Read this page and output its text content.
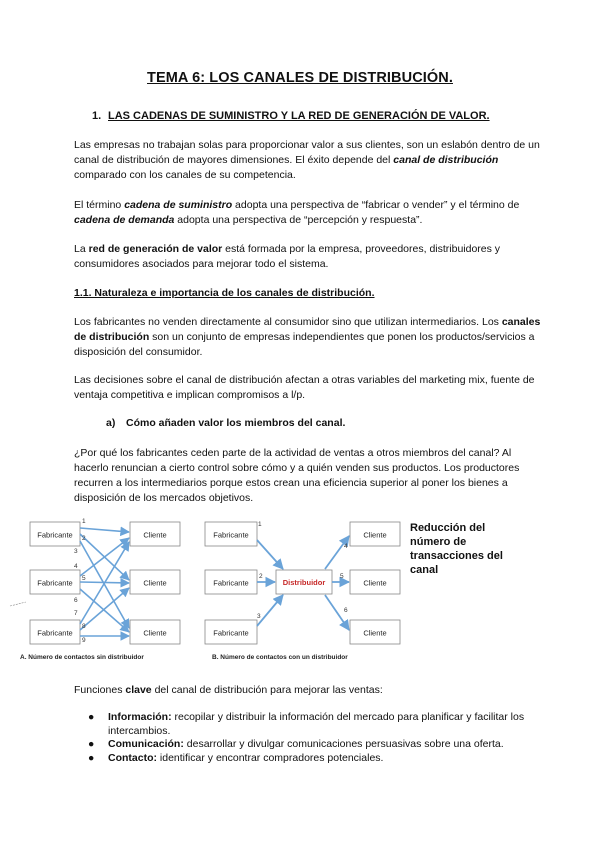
TEMA 6: LOS CANALES DE DISTRIBUCIÓN.
1. LAS CADENAS DE SUMINISTRO Y LA RED DE GENERACIÓN DE VALOR.
Las empresas no trabajan solas para proporcionar valor a sus clientes, son un eslabón dentro de un canal de distribución de mayores dimensiones. El éxito depende del canal de distribución comparado con los canales de su competencia.
El término cadena de suministro adopta una perspectiva de “fabricar o vender” y el término de cadena de demanda adopta una perspectiva de “percepción y respuesta”.
La red de generación de valor está formada por la empresa, proveedores, distribuidores y consumidores asociados para mejorar todo el sistema.
1.1. Naturaleza e importancia de los canales de distribución.
Los fabricantes no venden directamente al consumidor sino que utilizan intermediarios. Los canales de distribución son un conjunto de empresas independientes que ponen los productos/servicios a disposición del consumidor.
Las decisiones sobre el canal de distribución afectan a otras variables del marketing mix, fuente de ventaja competitiva e implican compromisos a l/p.
a) Cómo añaden valor los miembros del canal.
¿Por qué los fabricantes ceden parte de la actividad de ventas a otros miembros del canal? Al hacerlo renuncian a cierto control sobre cómo y a quién venden sus productos. Los productores recurren a los intermediarios porque estos crean una eficiencia superior al poner los bienes a disposición de los mercados objetivos.
Fabricante
Fabricante
Fabricante
Cliente
Cliente
Cliente
1
2
3
4
5
6
7
8
9
A. Número de contactos sin distribuidor
Fabricante
Fabricante
Fabricante
Distribuidor
Cliente
Cliente
Cliente
1
2
3
4
5
6
B. Número de contactos con un distribuidor
Reducción del número de transacciones del canal
Funciones clave del canal de distribución para mejorar las ventas:
● Información: recopilar y distribuir la información del mercado para planificar y facilitar los intercambios.
● Comunicación: desarrollar y divulgar comunicaciones persuasivas sobre una oferta.
● Contacto: identificar y encontrar compradores potenciales.
